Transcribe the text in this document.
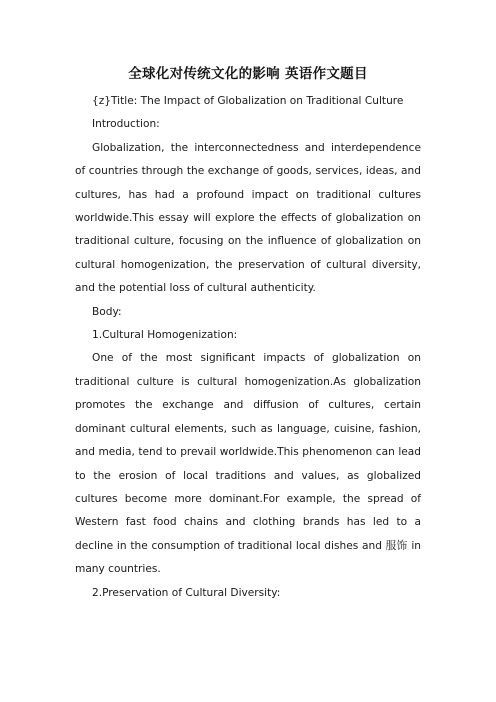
全球化对传统文化的影响 英语作文题目

{z}Title: The Impact of Globalization on Traditional Culture

Introduction:

Globalization, the interconnectedness and interdependence of countries through the exchange of goods, services, ideas, and cultures, has had a profound impact on traditional cultures worldwide.This essay will explore the effects of globalization on traditional culture, focusing on the influence of globalization on cultural homogenization, the preservation of cultural diversity, and the potential loss of cultural authenticity.

Body:

1.Cultural Homogenization:

One of the most significant impacts of globalization on traditional culture is cultural homogenization.As globalization promotes the exchange and diffusion of cultures, certain dominant cultural elements, such as language, cuisine, fashion, and media, tend to prevail worldwide.This phenomenon can lead to the erosion of local traditions and values, as globalized cultures become more dominant.For example, the spread of Western fast food chains and clothing brands has led to a decline in the consumption of traditional local dishes and 服饰 in many countries.

2.Preservation of Cultural Diversity:
